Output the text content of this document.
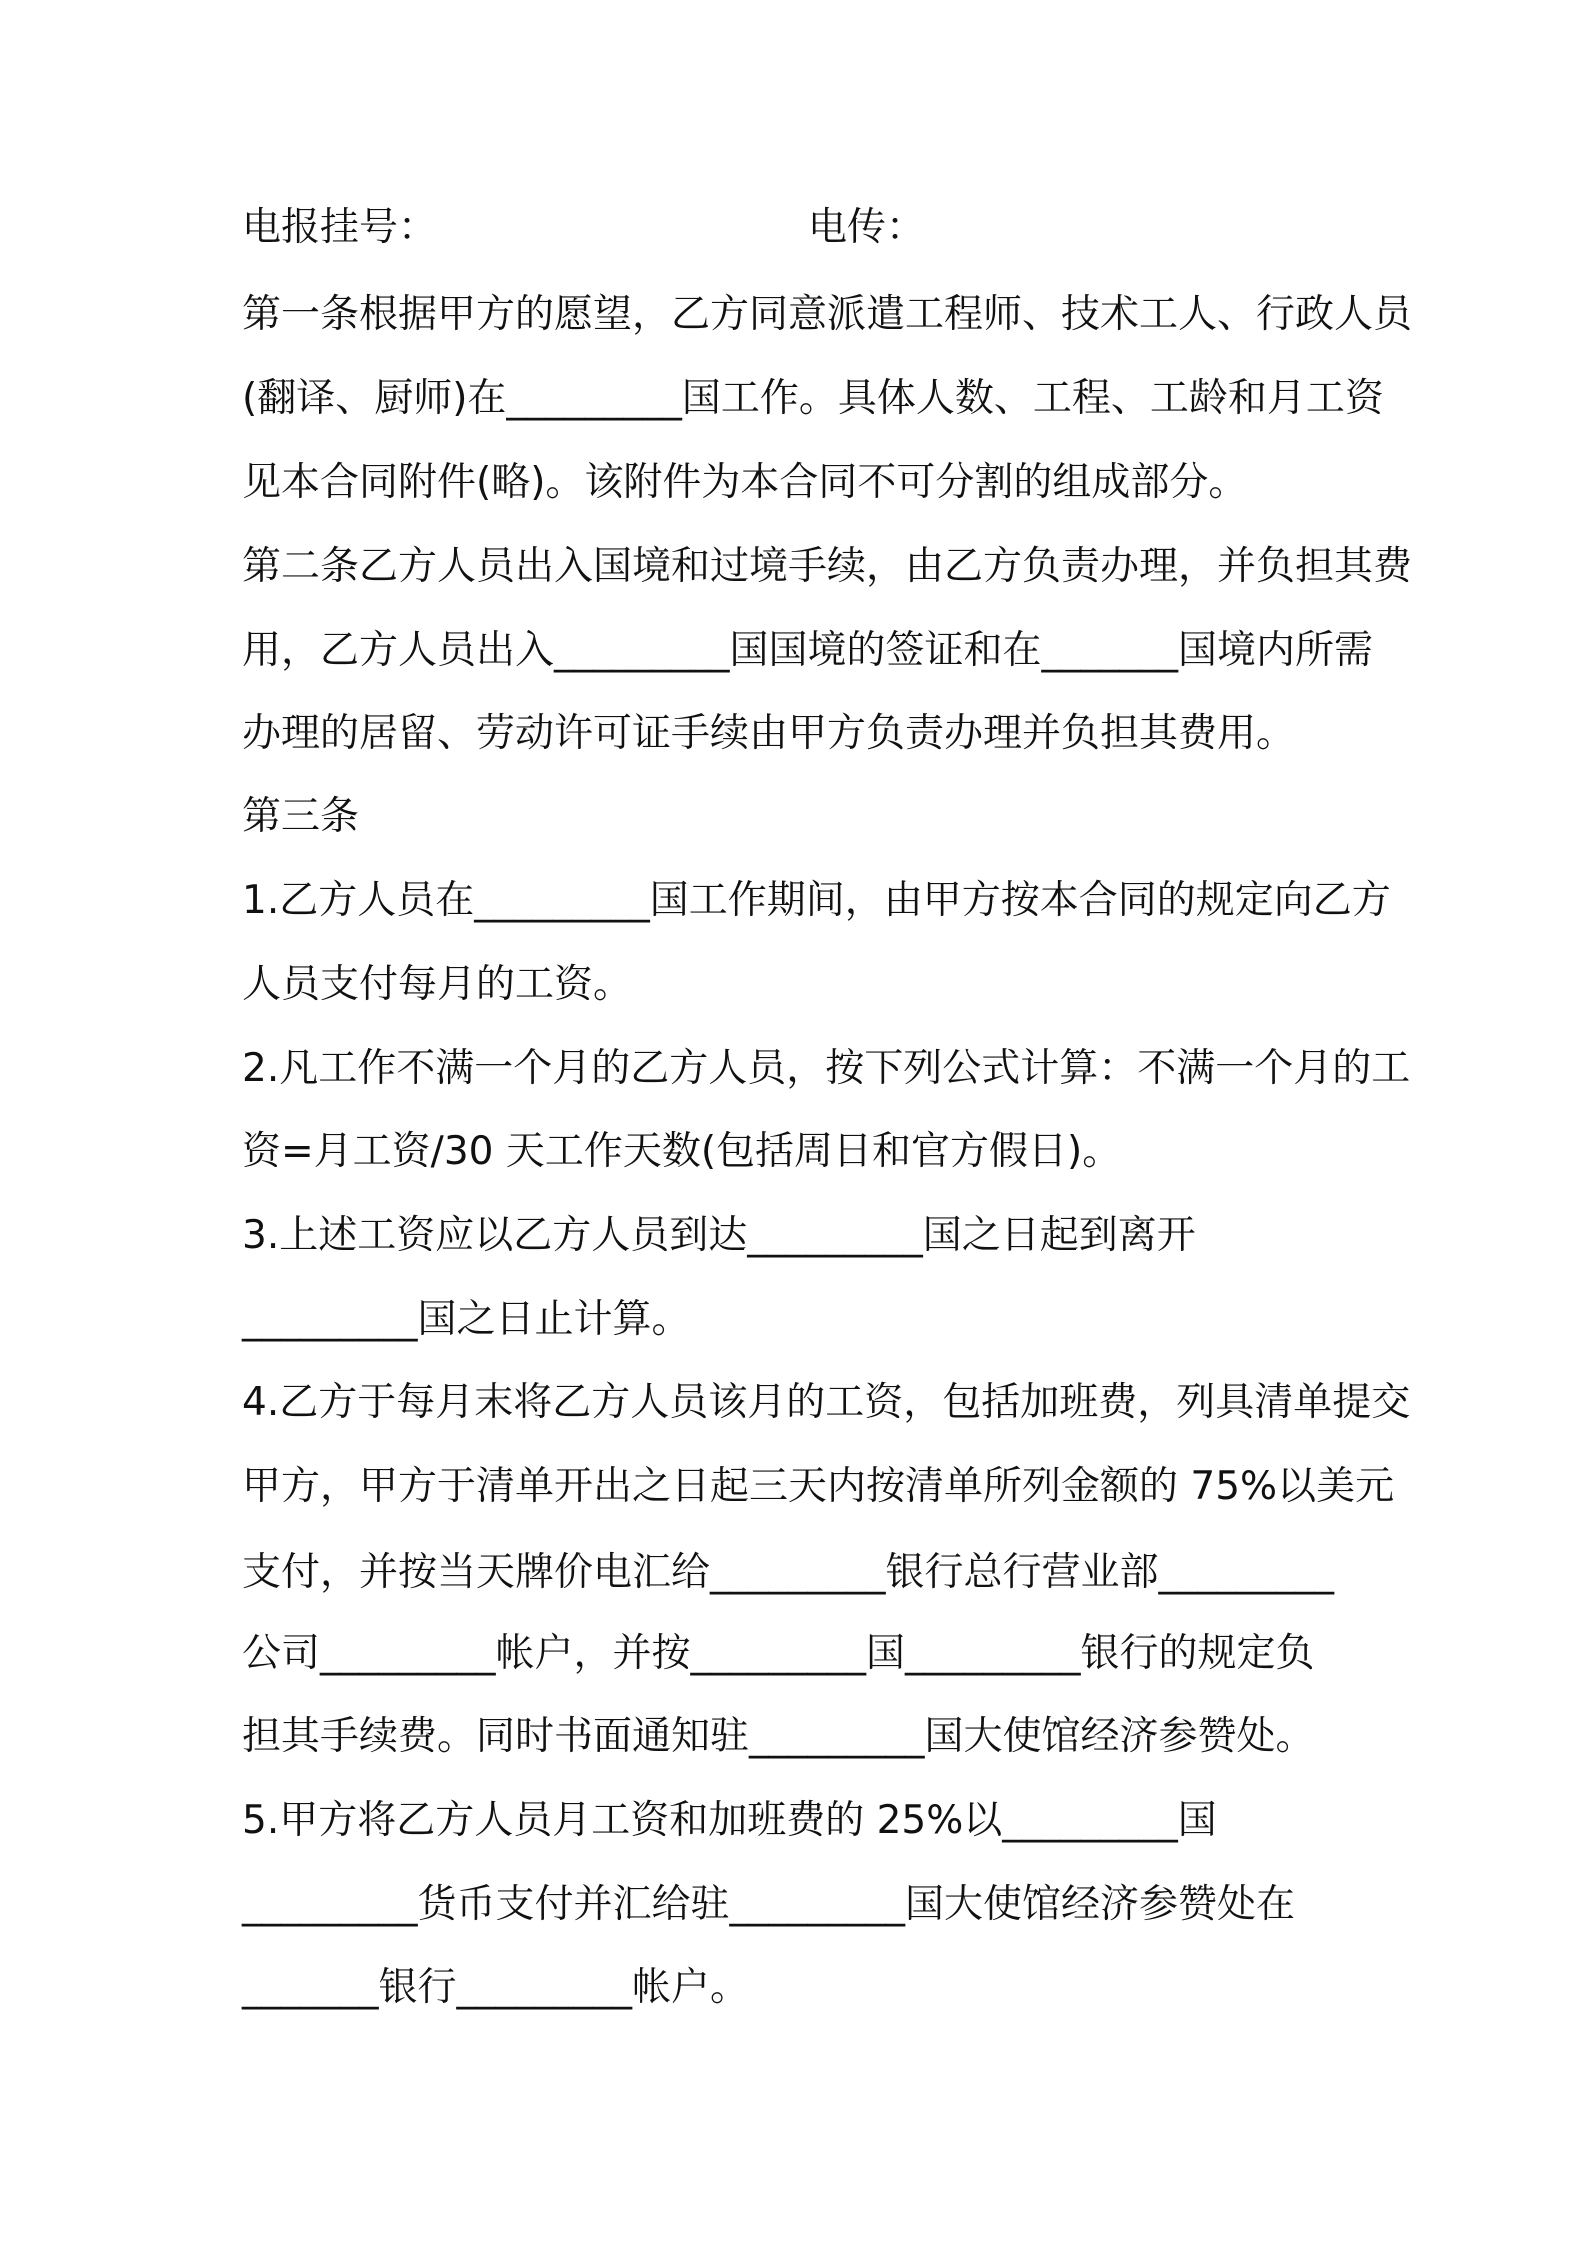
电报挂号：	电传：
第一条根据甲方的愿望，乙方同意派遣工程师、技术工人、行政人员
(翻译、厨师)在_________国工作。具体人数、工程、工龄和月工资
见本合同附件(略)。该附件为本合同不可分割的组成部分。
第二条乙方人员出入国境和过境手续，由乙方负责办理，并负担其费
用，乙方人员出入_________国国境的签证和在_______国境内所需
办理的居留、劳动许可证手续由甲方负责办理并负担其费用。
第三条
1.乙方人员在_________国工作期间，由甲方按本合同的规定向乙方
人员支付每月的工资。
2.凡工作不满一个月的乙方人员，按下列公式计算：不满一个月的工
资=月工资/30 天工作天数(包括周日和官方假日)。
3.上述工资应以乙方人员到达_________国之日起到离开
_________国之日止计算。
4.乙方于每月末将乙方人员该月的工资，包括加班费，列具清单提交
甲方，甲方于清单开出之日起三天内按清单所列金额的 75%以美元
支付，并按当天牌价电汇给_________银行总行营业部_________
公司_________帐户，并按_________国_________银行的规定负
担其手续费。同时书面通知驻_________国大使馆经济参赞处。
5.甲方将乙方人员月工资和加班费的 25%以_________国
_________货币支付并汇给驻_________国大使馆经济参赞处在
_______银行_________帐户。
